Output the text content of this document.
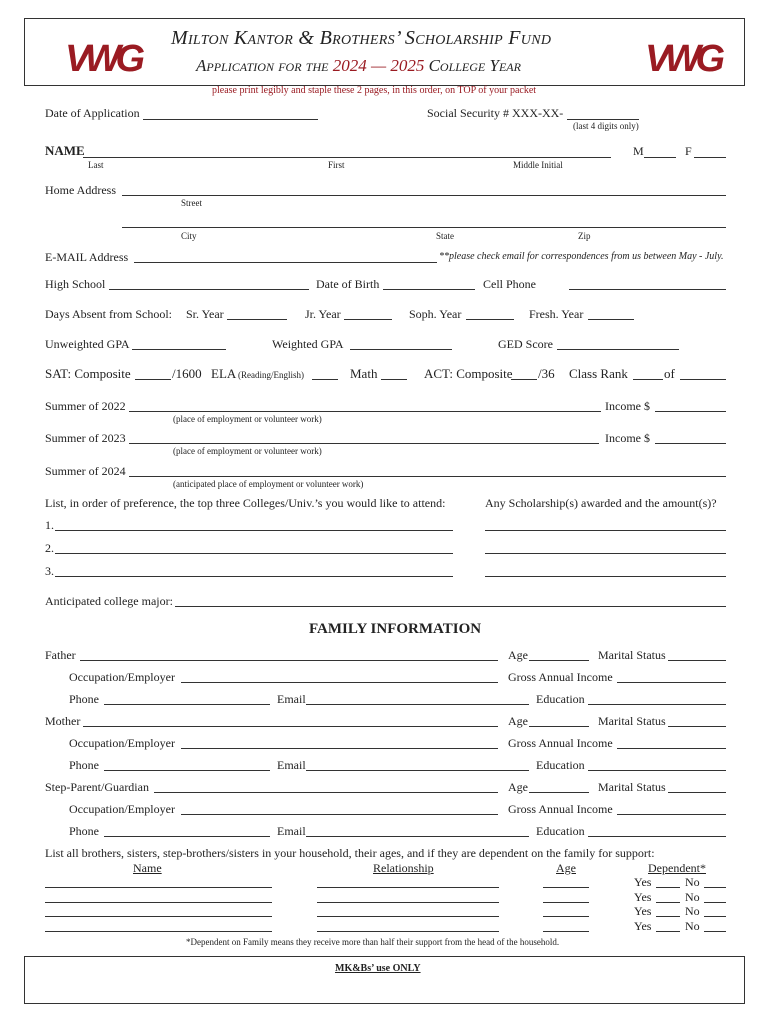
VWG Milton Kantor & Brothers’ Scholarship Fund
Application for the 2024 — 2025 College Year	VWG
please print legibly and staple these 2 pages, in this order, on TOP of your packet
Date of Application	Social Security # XXX-XX-
(last 4 digits only)
NAME	M	F
Last	First	Middle Initial
Home Address
Street
City	State	Zip
E-MAIL Address	**please check email for correspondences from us between May - July.
High School	Date of Birth	Cell Phone
Days Absent from School: Sr. Year	Jr. Year	Soph. Year	Fresh. Year
Unweighted GPA	Weighted GPA	GED Score
SAT: Composite	/1600 ELA (Reading/English)	Math	ACT: Composite /36 Class Rank	of
Summer of 2022	Income $
(place of employment or volunteer work)
Summer of 2023	Income $
(place of employment or volunteer work)
Summer of 2024
(anticipated place of employment or volunteer work)
List, in order of preference, the top three Colleges/Univ.’s you would like to attend:	Any Scholarship(s) awarded and the amount(s)?
1.
2.
3.
Anticipated college major:
FAMILY INFORMATION
Father	Age	Marital Status
Occupation/Employer	Gross Annual Income
Phone	Email	Education
Mother	Age	Marital Status
Occupation/Employer	Gross Annual Income
Phone	Email	Education
Step-Parent/Guardian	Age	Marital Status
Occupation/Employer	Gross Annual Income
Phone	Email	Education
List all brothers, sisters, step-brothers/sisters in your household, their ages, and if they are dependent on the family for support:
Name	Relationship	Age	Dependent*
Yes	No
Yes	No
Yes	No
Yes	No
*Dependent on Family means they receive more than half their support from the head of the household.
MK&Bs’ use ONLY
